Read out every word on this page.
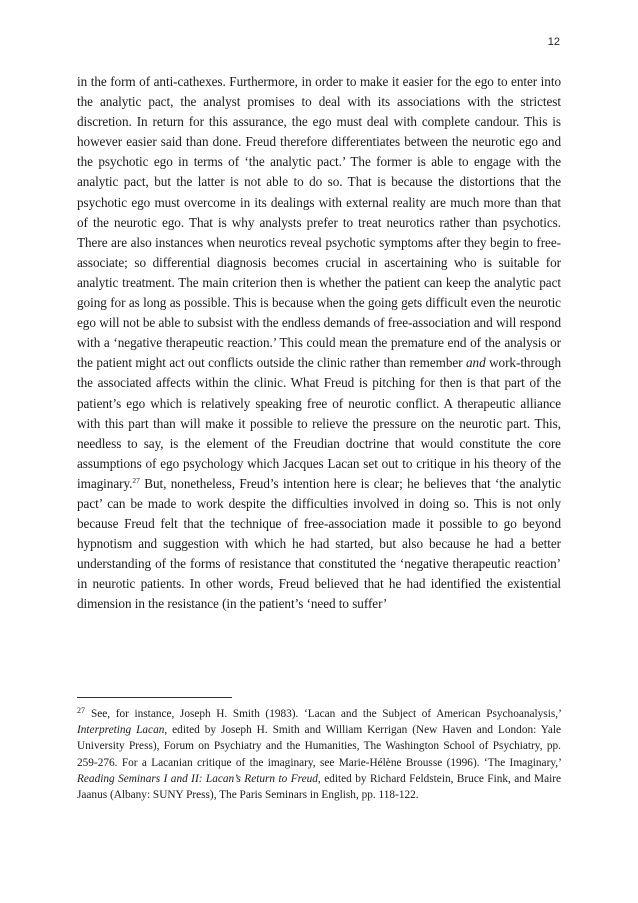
12

in the form of anti-cathexes. Furthermore, in order to make it easier for the ego to enter into the analytic pact, the analyst promises to deal with its associations with the strictest discretion. In return for this assurance, the ego must deal with complete candour. This is however easier said than done. Freud therefore differentiates between the neurotic ego and the psychotic ego in terms of ‘the analytic pact.’ The former is able to engage with the analytic pact, but the latter is not able to do so. That is because the distortions that the psychotic ego must overcome in its dealings with external reality are much more than that of the neurotic ego. That is why analysts prefer to treat neurotics rather than psychotics. There are also instances when neurotics reveal psychotic symptoms after they begin to free-associate; so differential diagnosis becomes crucial in ascertaining who is suitable for analytic treatment. The main criterion then is whether the patient can keep the analytic pact going for as long as possible. This is because when the going gets difficult even the neurotic ego will not be able to subsist with the endless demands of free-association and will respond with a ‘negative therapeutic reaction.’ This could mean the premature end of the analysis or the patient might act out conflicts outside the clinic rather than remember and work-through the associated affects within the clinic. What Freud is pitching for then is that part of the patient’s ego which is relatively speaking free of neurotic conflict. A therapeutic alliance with this part than will make it possible to relieve the pressure on the neurotic part. This, needless to say, is the element of the Freudian doctrine that would constitute the core assumptions of ego psychology which Jacques Lacan set out to critique in his theory of the imaginary.$^{27}$ But, nonetheless, Freud’s intention here is clear; he believes that ‘the analytic pact’ can be made to work despite the difficulties involved in doing so. This is not only because Freud felt that the technique of free-association made it possible to go beyond hypnotism and suggestion with which he had started, but also because he had a better understanding of the forms of resistance that constituted the ‘negative therapeutic reaction’ in neurotic patients. In other words, Freud believed that he had identified the existential dimension in the resistance (in the patient’s ‘need to suffer’

$^{27}$ See, for instance, Joseph H. Smith (1983). ‘Lacan and the Subject of American Psychoanalysis,’ Interpreting Lacan, edited by Joseph H. Smith and William Kerrigan (New Haven and London: Yale University Press), Forum on Psychiatry and the Humanities, The Washington School of Psychiatry, pp. 259-276. For a Lacanian critique of the imaginary, see Marie-Hélène Brousse (1996). ‘The Imaginary,’ Reading Seminars I and II: Lacan’s Return to Freud, edited by Richard Feldstein, Bruce Fink, and Maire Jaanus (Albany: SUNY Press), The Paris Seminars in English, pp. 118-122.
